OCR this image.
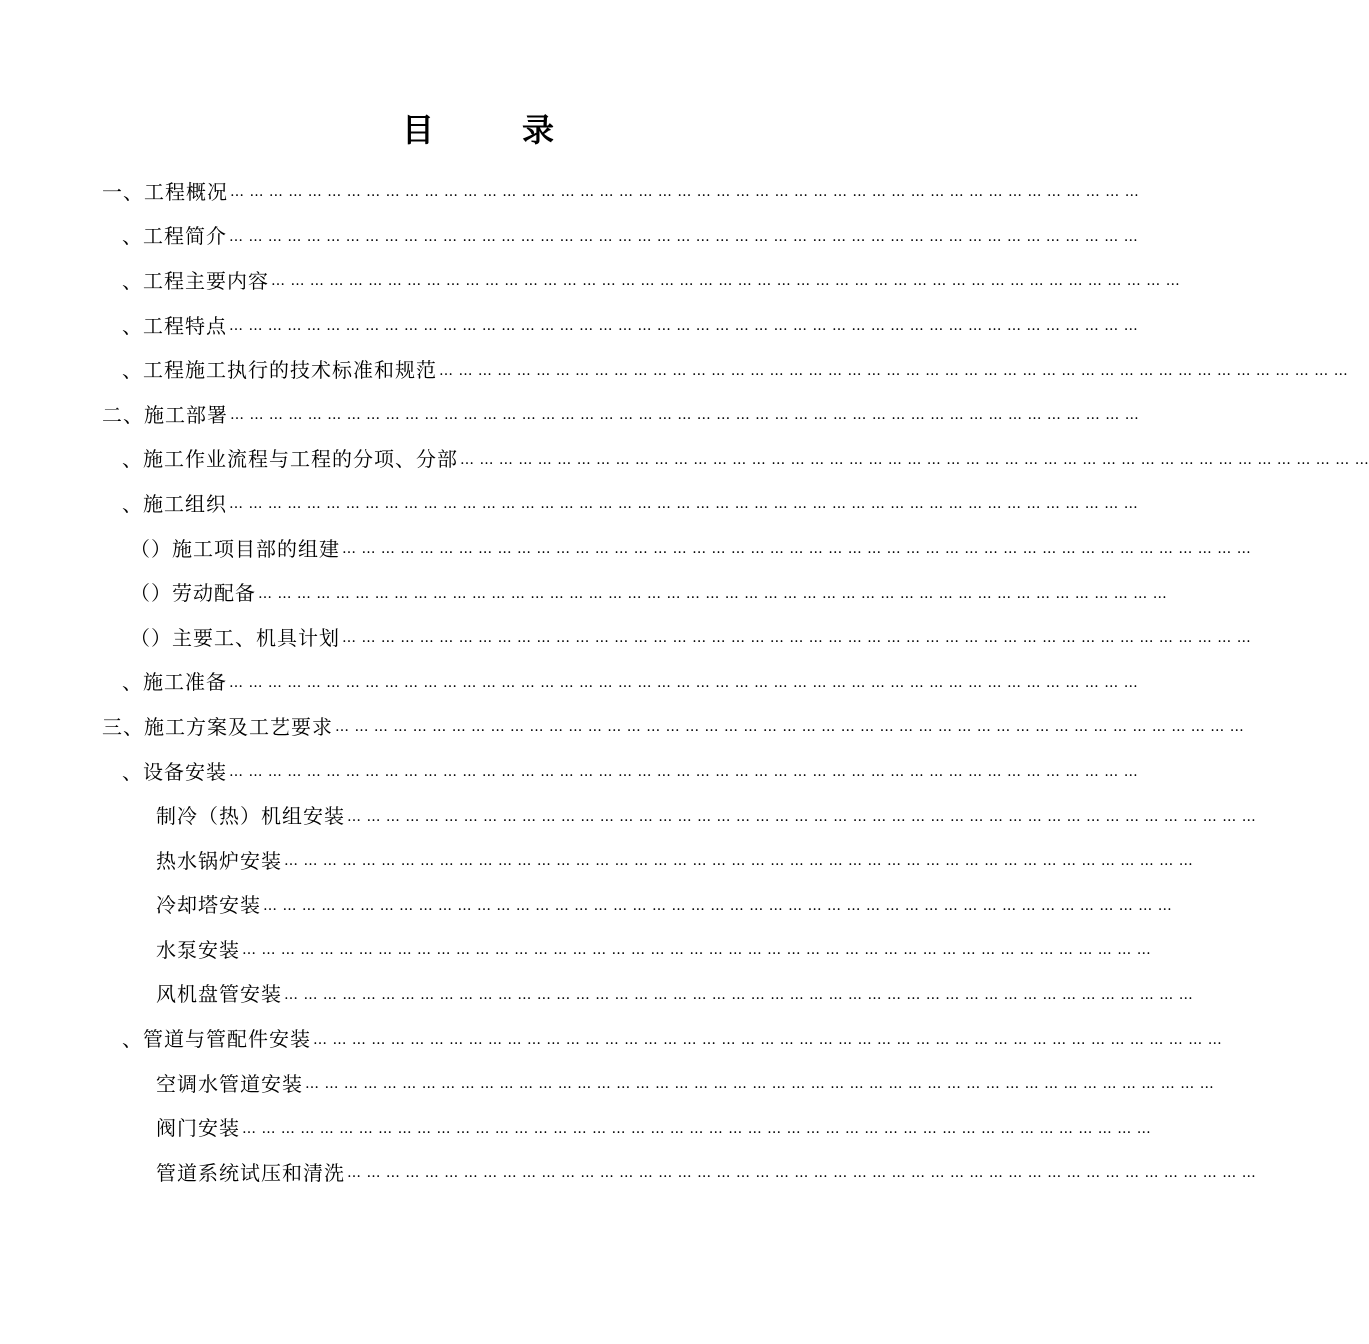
目	录
一、 工程概况 … … … … … … … … … … … … … … … … … … … … … … … … … … … … … … … … … … … … … … … … … … … … … … …
、 工程简介 … … … … … … … … … … … … … … … … … … … … … … … … … … … … … … … … … … … … … … … … … … … … … … …
、 工程主要内容 … … … … … … … … … … … … … … … … … … … … … … … … … … … … … … … … … … … … … … … … … … … … … … …
、 工程特点 … … … … … … … … … … … … … … … … … … … … … … … … … … … … … … … … … … … … … … … … … … … … … … …
、 工程施工执行的技术标准和规范 … … … … … … … … … … … … … … … … … … … … … … … … … … … … … … … … … … … … … … … … … … … … … … …
二、 施工部署 … … … … … … … … … … … … … … … … … … … … … … … … … … … … … … … … … … … … … … … … … … … … … … …
、 施工作业流程与工程的分项、分部 … … … … … … … … … … … … … … … … … … … … … … … … … … … … … … … … … … … … … … … … … … … … … … …
、 施工组织 … … … … … … … … … … … … … … … … … … … … … … … … … … … … … … … … … … … … … … … … … … … … … … …
（） 施工项目部的组建 … … … … … … … … … … … … … … … … … … … … … … … … … … … … … … … … … … … … … … … … … … … … … … …
（） 劳动配备 … … … … … … … … … … … … … … … … … … … … … … … … … … … … … … … … … … … … … … … … … … … … … … …
（） 主要工、机具计划 … … … … … … … … … … … … … … … … … … … … … … … … … … … … … … … … … … … … … … … … … … … … … … …
、 施工准备 … … … … … … … … … … … … … … … … … … … … … … … … … … … … … … … … … … … … … … … … … … … … … … …
三、 施工方案及工艺要求 … … … … … … … … … … … … … … … … … … … … … … … … … … … … … … … … … … … … … … … … … … … … … … …
、 设备安装 … … … … … … … … … … … … … … … … … … … … … … … … … … … … … … … … … … … … … … … … … … … … … … …
制冷（热）机组安装 … … … … … … … … … … … … … … … … … … … … … … … … … … … … … … … … … … … … … … … … … … … … … … …
热水锅炉安装 … … … … … … … … … … … … … … … … … … … … … … … … … … … … … … … … … … … … … … … … … … … … … … …
冷却塔安装 … … … … … … … … … … … … … … … … … … … … … … … … … … … … … … … … … … … … … … … … … … … … … … …
水泵安装 … … … … … … … … … … … … … … … … … … … … … … … … … … … … … … … … … … … … … … … … … … … … … … …
风机盘管安装 … … … … … … … … … … … … … … … … … … … … … … … … … … … … … … … … … … … … … … … … … … … … … … …
、 管道与管配件安装 … … … … … … … … … … … … … … … … … … … … … … … … … … … … … … … … … … … … … … … … … … … … … … …
空调水管道安装 … … … … … … … … … … … … … … … … … … … … … … … … … … … … … … … … … … … … … … … … … … … … … … …
阀门安装 … … … … … … … … … … … … … … … … … … … … … … … … … … … … … … … … … … … … … … … … … … … … … … …
管道系统试压和清洗 … … … … … … … … … … … … … … … … … … … … … … … … … … … … … … … … … … … … … … … … … … … … … … …
